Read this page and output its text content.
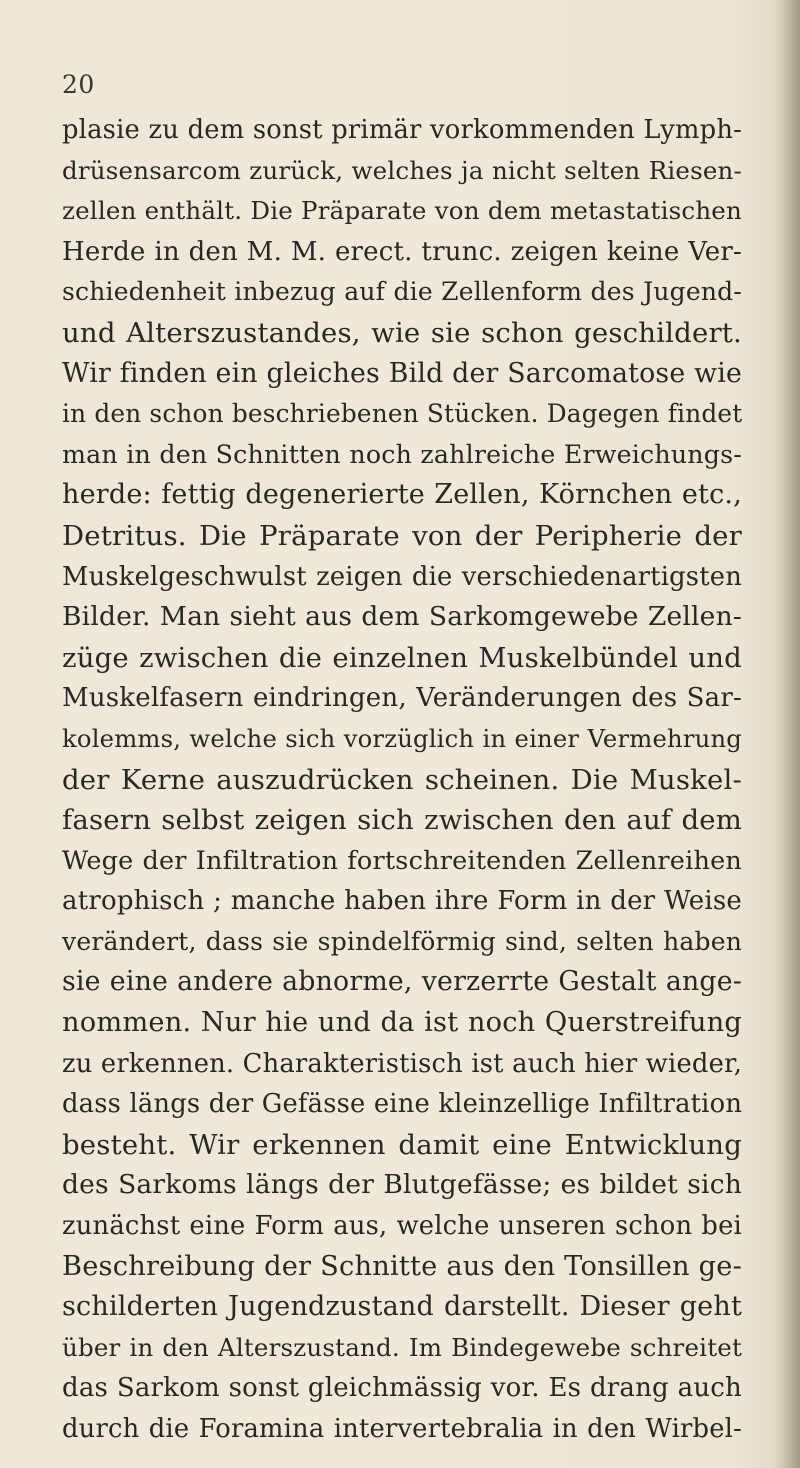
20
plasie zu dem sonst primär vorkommenden Lymph-
drüsensarcom zurück, welches ja nicht selten Riesen-
zellen enthält. Die Präparate von dem metastatischen
Herde in den M. M. erect. trunc. zeigen keine Ver-
schiedenheit inbezug auf die Zellenform des Jugend-
und Alterszustandes, wie sie schon geschildert.
Wir finden ein gleiches Bild der Sarcomatose wie
in den schon beschriebenen Stücken. Dagegen findet
man in den Schnitten noch zahlreiche Erweichungs-
herde: fettig degenerierte Zellen, Körnchen etc.,
Detritus. Die Präparate von der Peripherie der
Muskelgeschwulst zeigen die verschiedenartigsten
Bilder. Man sieht aus dem Sarkomgewebe Zellen-
züge zwischen die einzelnen Muskelbündel und
Muskelfasern eindringen, Veränderungen des Sar-
kolemms, welche sich vorzüglich in einer Vermehrung
der Kerne auszudrücken scheinen. Die Muskel-
fasern selbst zeigen sich zwischen den auf dem
Wege der Infiltration fortschreitenden Zellenreihen
atrophisch ; manche haben ihre Form in der Weise
verändert, dass sie spindelförmig sind, selten haben
sie eine andere abnorme, verzerrte Gestalt ange-
nommen. Nur hie und da ist noch Querstreifung
zu erkennen. Charakteristisch ist auch hier wieder,
dass längs der Gefässe eine kleinzellige Infiltration
besteht. Wir erkennen damit eine Entwicklung
des Sarkoms längs der Blutgefässe; es bildet sich
zunächst eine Form aus, welche unseren schon bei
Beschreibung der Schnitte aus den Tonsillen ge-
schilderten Jugendzustand darstellt. Dieser geht
über in den Alterszustand. Im Bindegewebe schreitet
das Sarkom sonst gleichmässig vor. Es drang auch
durch die Foramina intervertebralia in den Wirbel-
